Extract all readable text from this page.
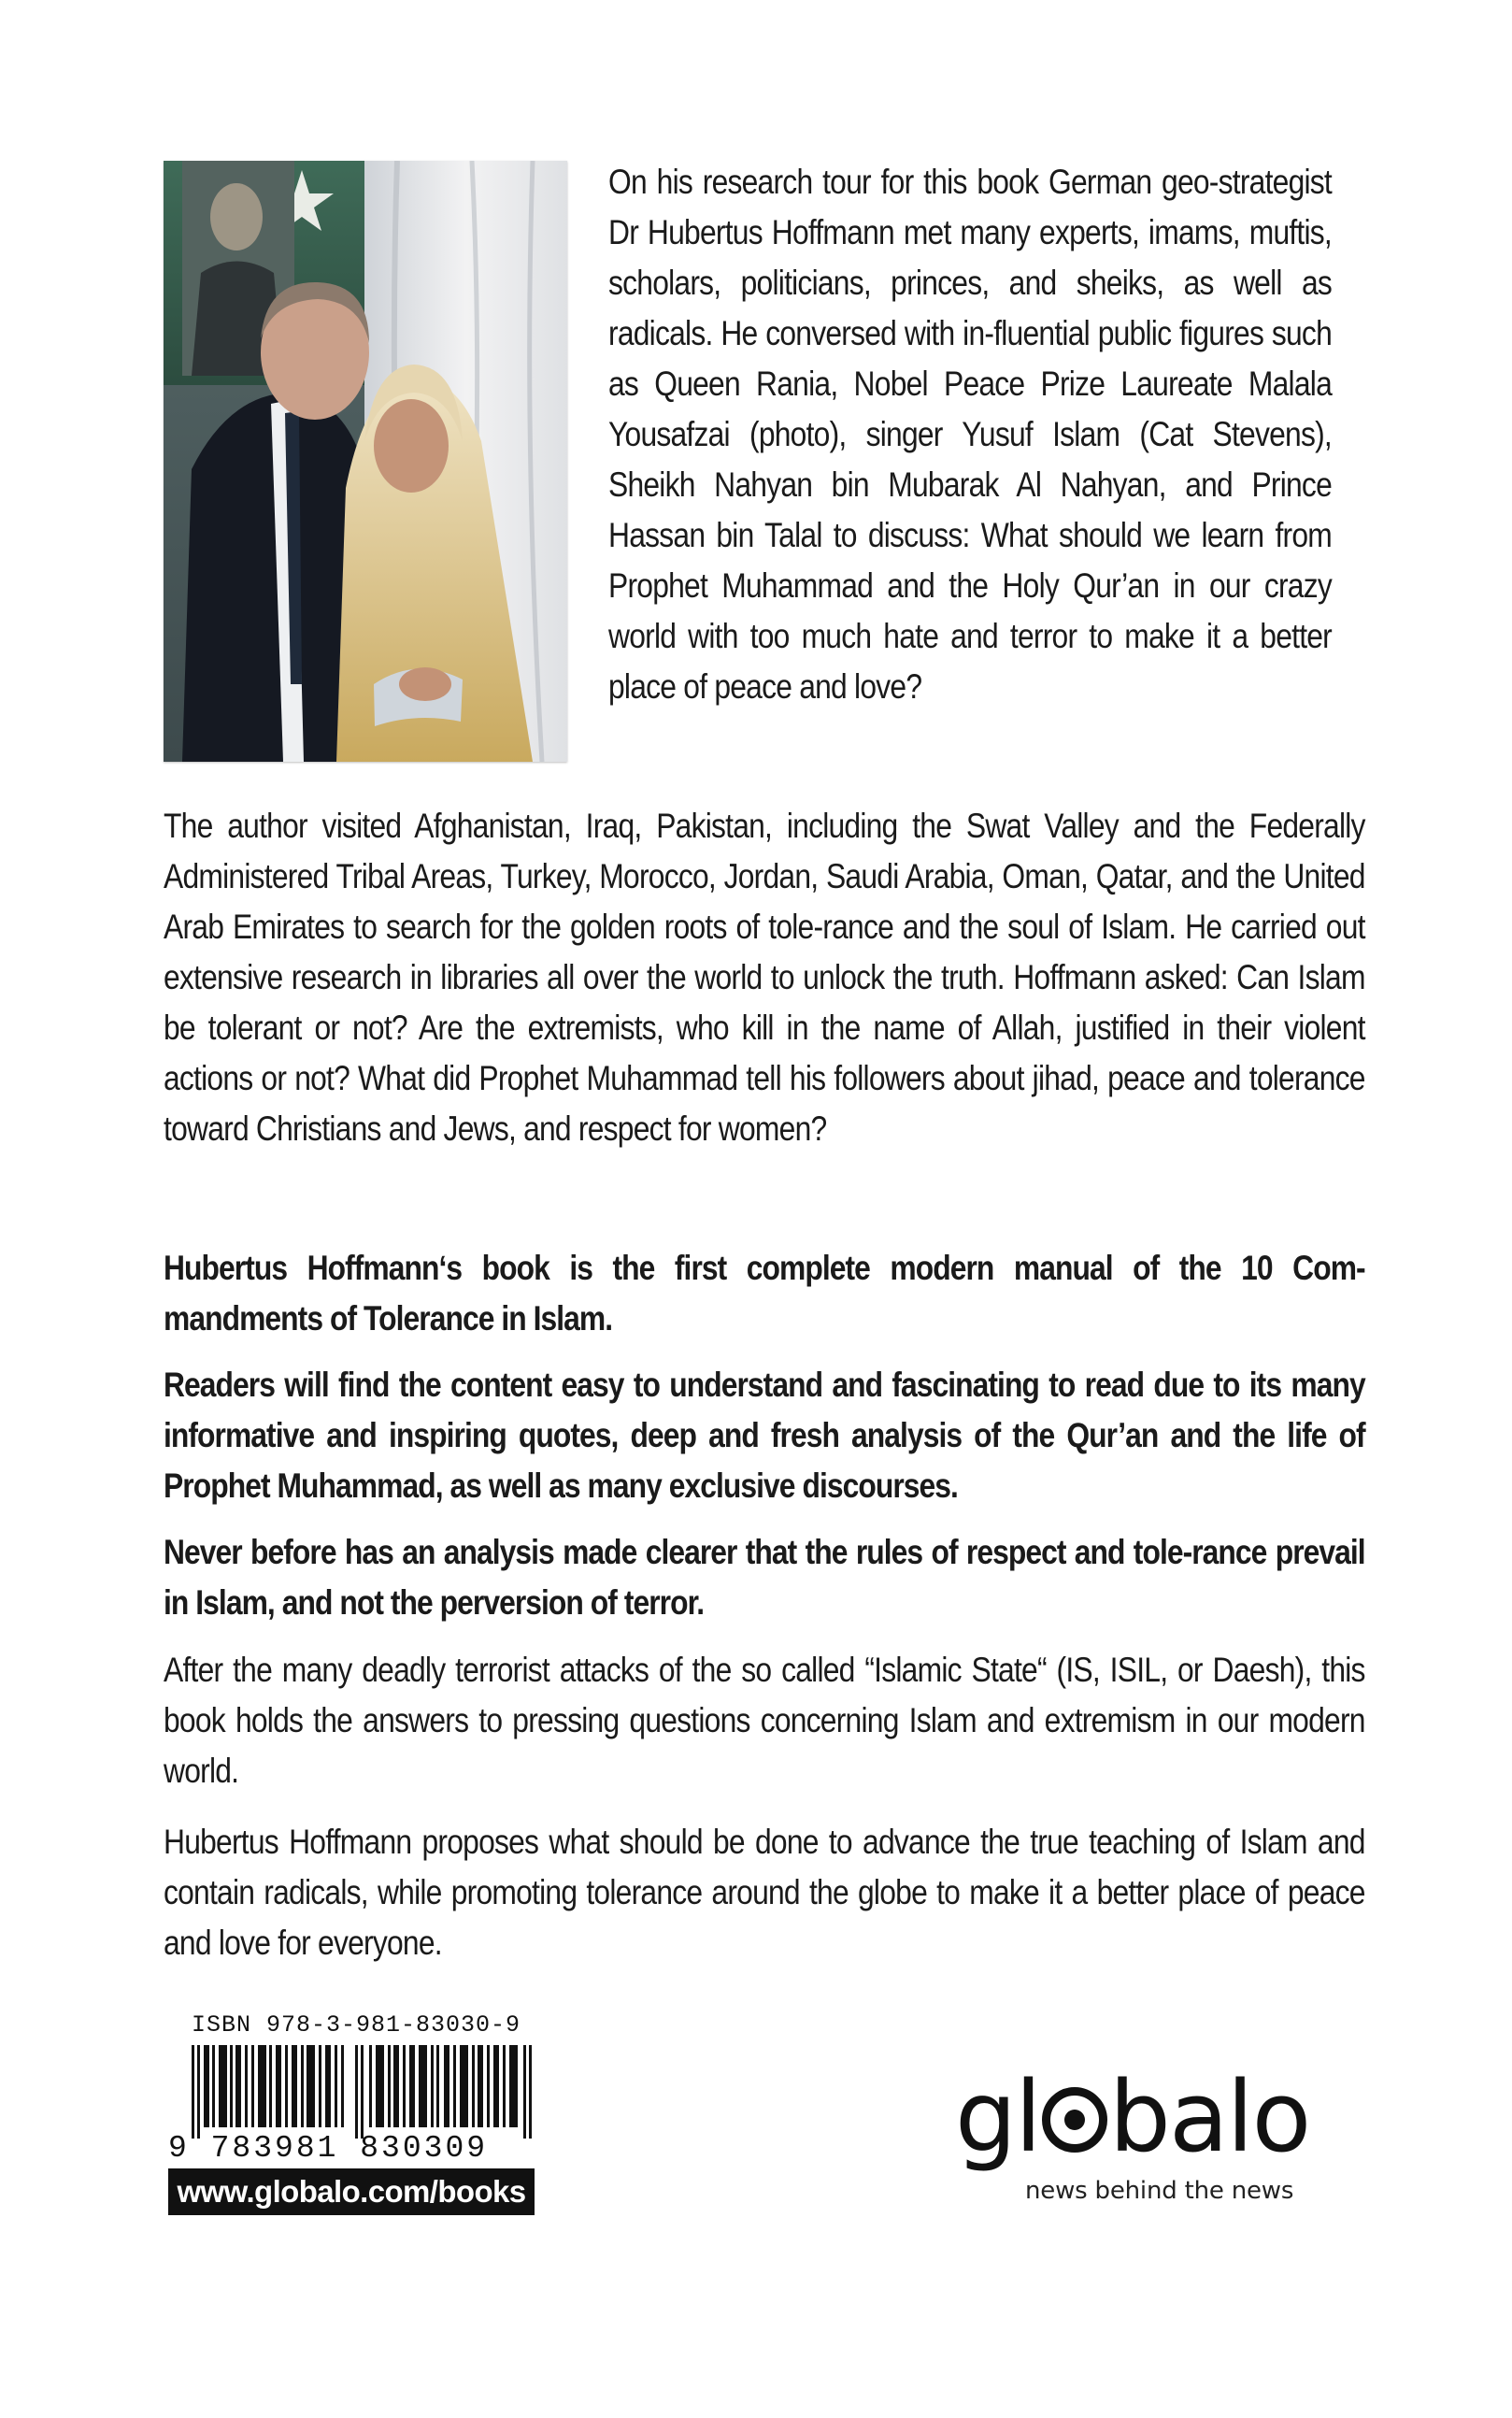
On his research tour for this book German geo-strategist Dr Hubertus Hoffmann met many experts, imams, muftis, scholars, politicians, princes, and sheiks, as well as radicals. He conversed with in-fluential public figures such as Queen Rania, Nobel Peace Prize Laureate Malala Yousafzai (photo), singer Yusuf Islam (Cat Stevens), Sheikh Nahyan bin Mubarak Al Nahyan, and Prince Hassan bin Talal to discuss: What should we learn from Prophet Muhammad and the Holy Qur’an in our crazy world with too much hate and terror to make it a better place of peace and love?

The author visited Afghanistan, Iraq, Pakistan, including the Swat Valley and the Federally Administered Tribal Areas, Turkey, Morocco, Jordan, Saudi Arabia, Oman, Qatar, and the United Arab Emirates to search for the golden roots of tole-rance and the soul of Islam. He carried out extensive research in libraries all over the world to unlock the truth. Hoffmann asked: Can Islam be tolerant or not? Are the extremists, who kill in the name of Allah, justified in their violent actions or not? What did Prophet Muhammad tell his followers about jihad, peace and tolerance toward Christians and Jews, and respect for women?

Hubertus Hoffmann‘s book is the first complete modern manual of the 10 Com-mandments of Tolerance in Islam.

Readers will find the content easy to understand and fascinating to read due to its many informative and inspiring quotes, deep and fresh analysis of the Qur’an and the life of Prophet Muhammad, as well as many exclusive discourses.

Never before has an analysis made clearer that the rules of respect and tole-rance prevail in Islam, and not the perversion of terror.

After the many deadly terrorist attacks of the so called “Islamic State“ (IS, ISIL, or Daesh), this book holds the answers to pressing questions concerning Islam and extremism in our modern world.

Hubertus Hoffmann proposes what should be done to advance the true teaching of Islam and contain radicals, while promoting tolerance around the globe to make it a better place of peace and love for everyone.

ISBN 978-3-981-83030-9
9 783981 830309
www.globalo.com/books
gl balo
news behind the news
